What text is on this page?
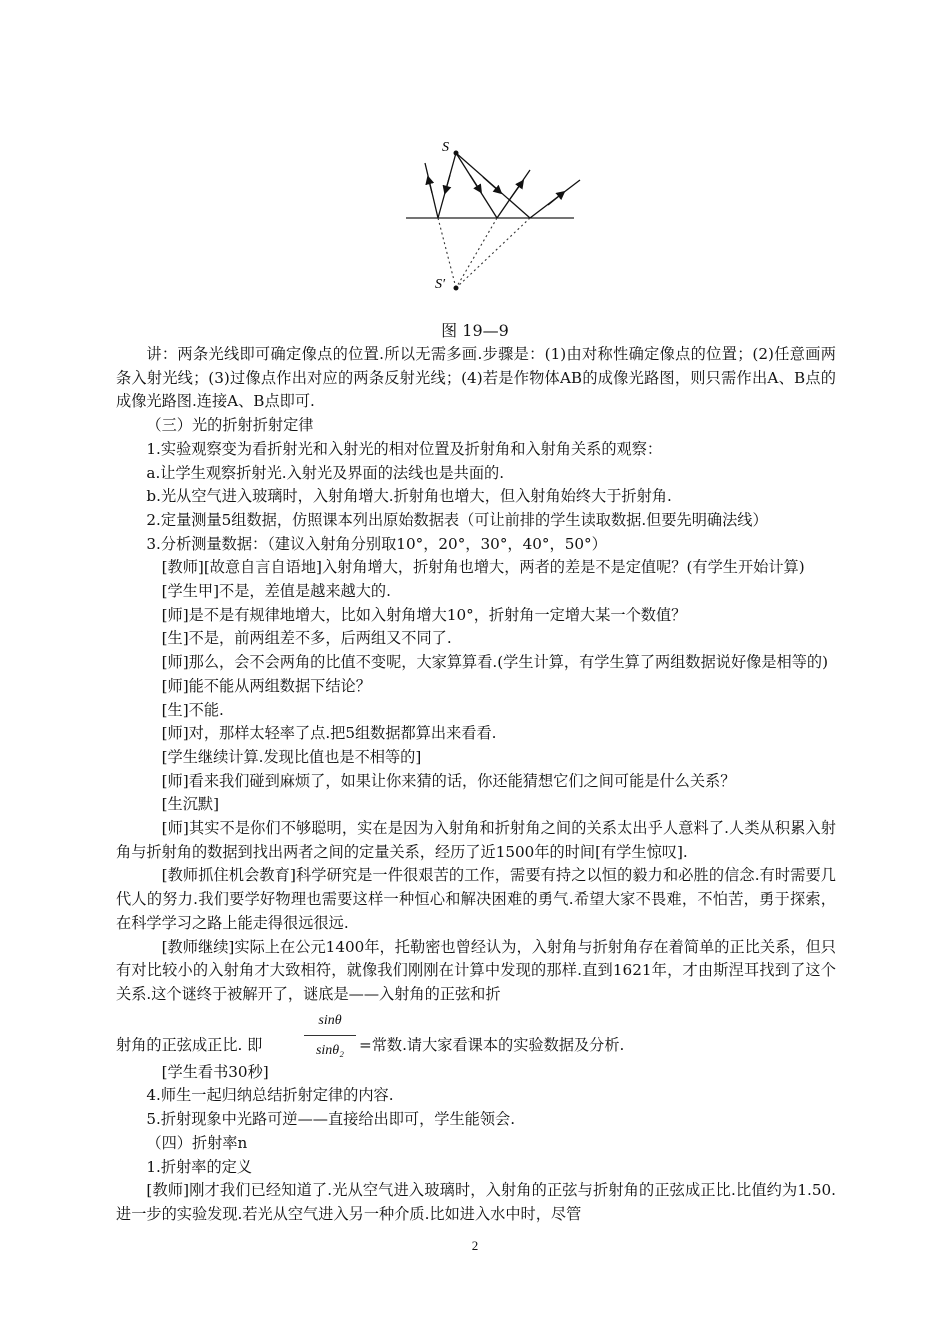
S
S′
图 19—9

讲：两条光线即可确定像点的位置.所以无需多画.步骤是：(1)由对称性确定像点的位置；(2)任意画两条入射光线；(3)过像点作出对应的两条反射光线；(4)若是作物体AB的成像光路图，则只需作出A、B点的成像光路图.连接A、B点即可.

（三）光的折射折射定律

1.实验观察变为看折射光和入射光的相对位置及折射角和入射角关系的观察：

a.让学生观察折射光.入射光及界面的法线也是共面的.

b.光从空气进入玻璃时，入射角增大.折射角也增大，但入射角始终大于折射角.

2.定量测量5组数据，仿照课本列出原始数据表（可让前排的学生读取数据.但要先明确法线）

3.分析测量数据：（建议入射角分别取10°，20°，30°，40°，50°）

[教师][故意自言自语地]入射角增大，折射角也增大，两者的差是不是定值呢？(有学生开始计算)

[学生甲]不是，差值是越来越大的.

[师]是不是有规律地增大，比如入射角增大10°，折射角一定增大某一个数值？

[生]不是，前两组差不多，后两组又不同了.

[师]那么，会不会两角的比值不变呢，大家算算看.(学生计算，有学生算了两组数据说好像是相等的)

[师]能不能从两组数据下结论？

[生]不能.

[师]对，那样太轻率了点.把5组数据都算出来看看.

[学生继续计算.发现比值也是不相等的]

[师]看来我们碰到麻烦了，如果让你来猜的话，你还能猜想它们之间可能是什么关系？

[生沉默]

[师]其实不是你们不够聪明，实在是因为入射角和折射角之间的关系太出乎人意料了.人类从积累入射角与折射角的数据到找出两者之间的定量关系，经历了近1500年的时间[有学生惊叹].

[教师抓住机会教育]科学研究是一件很艰苦的工作，需要有持之以恒的毅力和必胜的信念.有时需要几代人的努力.我们要学好物理也需要这样一种恒心和解决困难的勇气.希望大家不畏难，不怕苦，勇于探索，在科学学习之路上能走得很远很远.

[教师继续]实际上在公元1400年，托勒密也曾经认为，入射角与折射角存在着简单的正比关系，但只有对比较小的入射角才大致相符，就像我们刚刚在计算中发现的那样.直到1621年，才由斯涅耳找到了这个关系.这个谜终于被解开了，谜底是——入射角的正弦和折

射角的正弦成正比. 即	$\frac{\sin\theta}{\text{sinθ₂}}$ =常数.请大家看课本的实验数据及分析.

[学生看书30秒]

4.师生一起归纳总结折射定律的内容.

5.折射现象中光路可逆——直接给出即可，学生能领会.

（四）折射率n

1.折射率的定义

[教师]刚才我们已经知道了.光从空气进入玻璃时，入射角的正弦与折射角的正弦成正比.比值约为1.50.进一步的实验发现.若光从空气进入另一种介质.比如进入水中时，尽管

2
